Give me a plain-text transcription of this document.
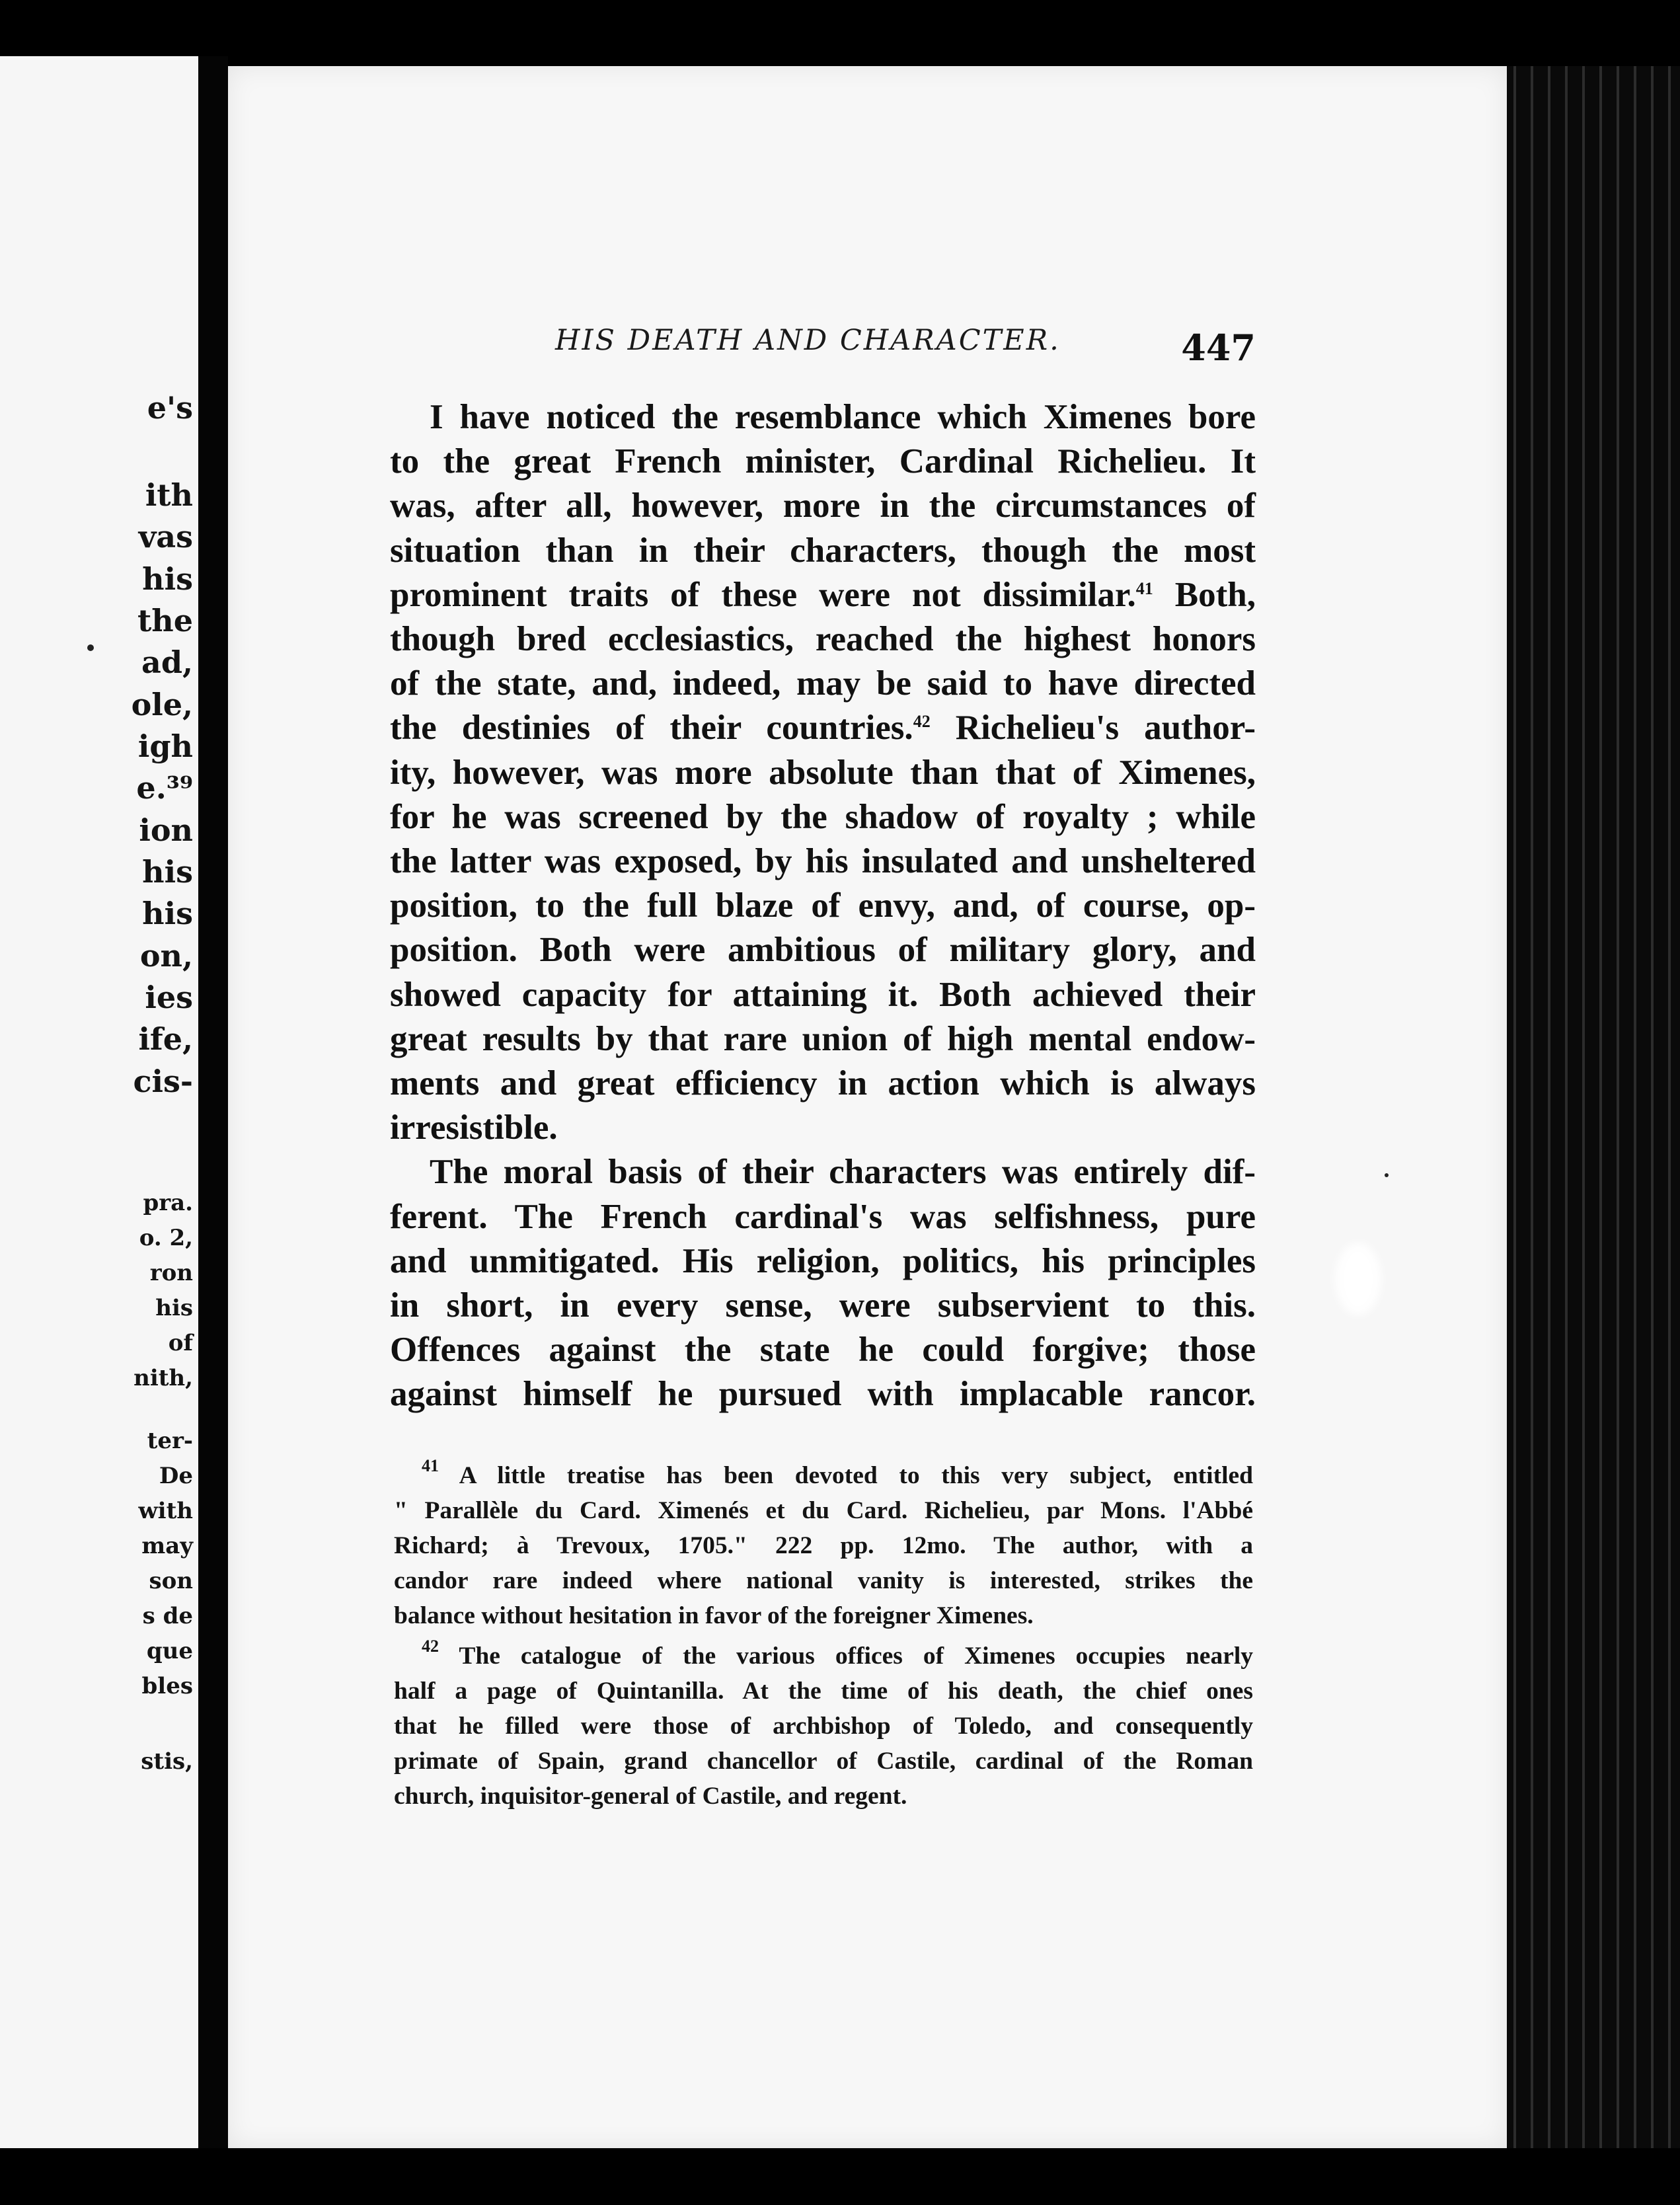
e's
ith
vas
his
the
ad,
ole,
igh
e.³⁹
ion
his
his
on,
ies
ife,
cis-
pra.
o. 2,
ron
his
of
nith,
ter-
De
with
may
son
s de
que
bles
stis,
HIS DEATH AND CHARACTER.	447
I have noticed the resemblance which Ximenes bore
to the great French minister, Cardinal Richelieu. It
was, after all, however, more in the circumstances of
situation than in their characters, though the most
prominent traits of these were not dissimilar.$^{41}$ Both,
though bred ecclesiastics, reached the highest honors
of the state, and, indeed, may be said to have directed
the destinies of their countries.$^{42}$ Richelieu's author-
ity, however, was more absolute than that of Ximenes,
for he was screened by the shadow of royalty ; while
the latter was exposed, by his insulated and unsheltered
position, to the full blaze of envy, and, of course, op-
position. Both were ambitious of military glory, and
showed capacity for attaining it. Both achieved their
great results by that rare union of high mental endow-
ments and great efficiency in action which is always
irresistible.
The moral basis of their characters was entirely dif-
ferent. The French cardinal's was selfishness, pure
and unmitigated. His religion, politics, his principles
in short, in every sense, were subservient to this.
Offences against the state he could forgive; those
against himself he pursued with implacable rancor.
$^{41}$ A little treatise has been devoted to this very subject, entitled
" Parallèle du Card. Ximenés et du Card. Richelieu, par Mons. l'Abbé
Richard; à Trevoux, 1705." 222 pp. 12mo. The author, with a
candor rare indeed where national vanity is interested, strikes the
balance without hesitation in favor of the foreigner Ximenes.
$^{42}$ The catalogue of the various offices of Ximenes occupies nearly
half a page of Quintanilla. At the time of his death, the chief ones
that he filled were those of archbishop of Toledo, and consequently
primate of Spain, grand chancellor of Castile, cardinal of the Roman
church, inquisitor-general of Castile, and regent.
